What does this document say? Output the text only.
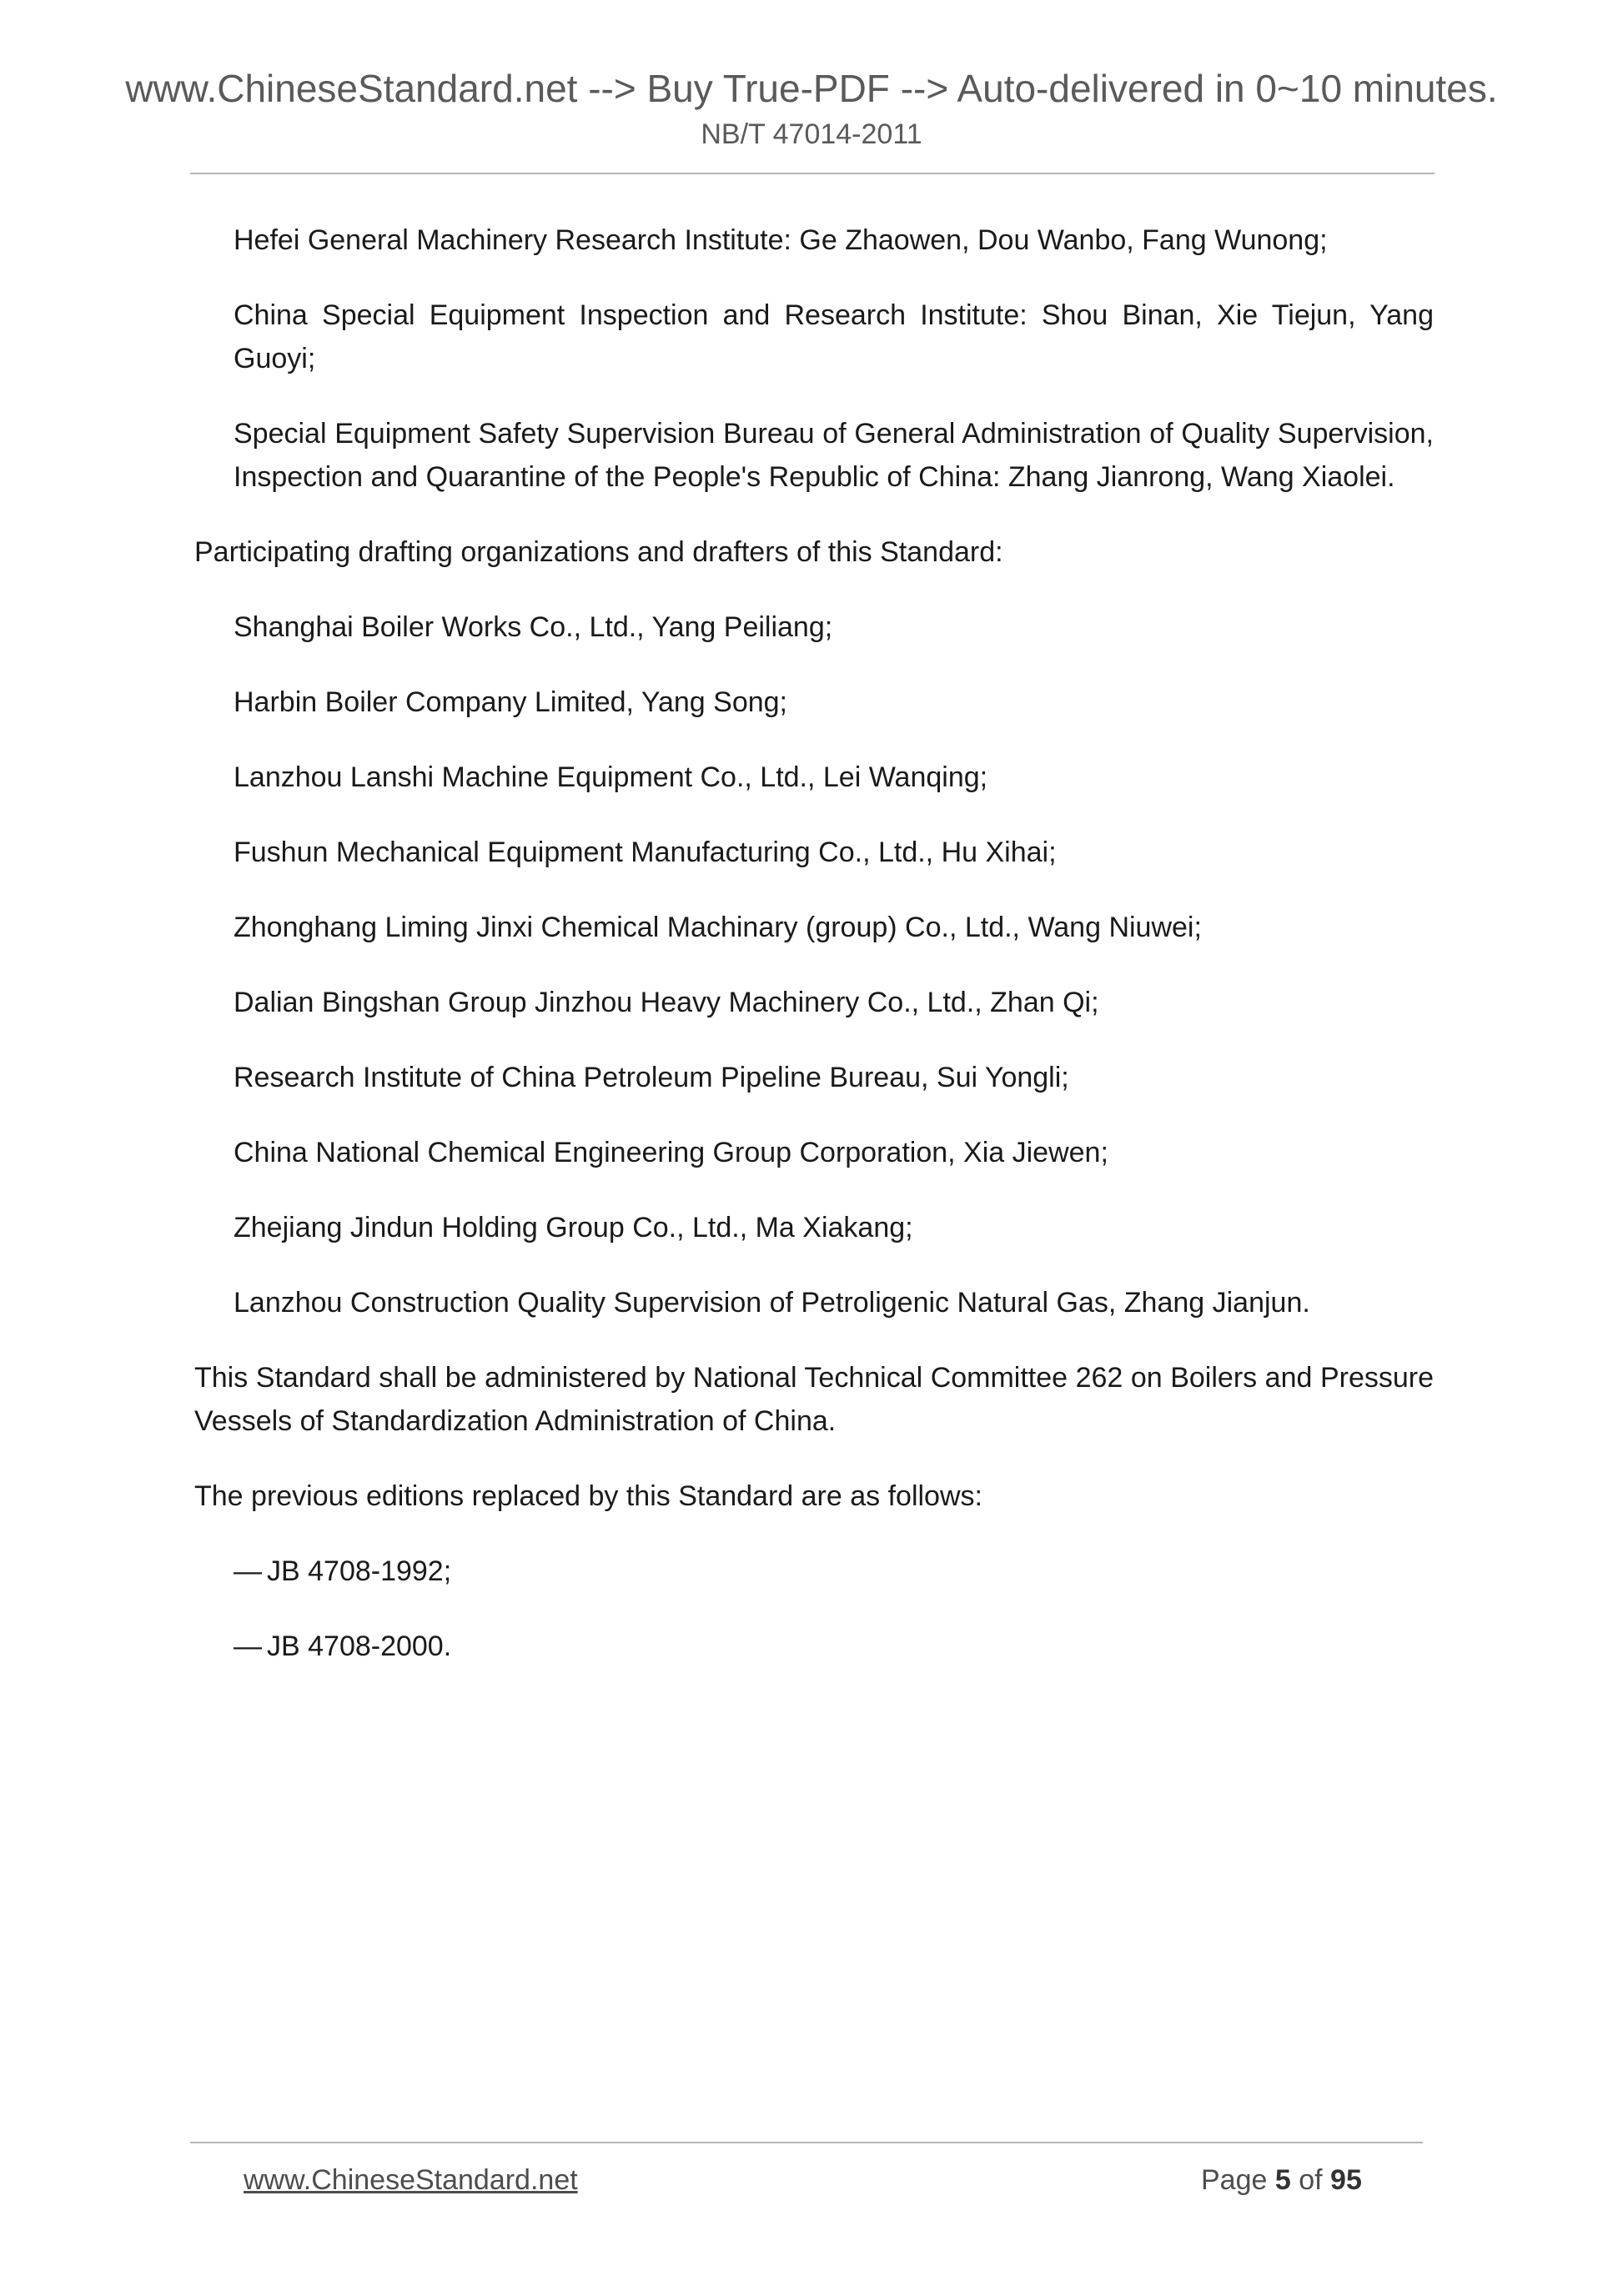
www.ChineseStandard.net --> Buy True-PDF --> Auto-delivered in 0~10 minutes.
NB/T 47014-2011

Hefei General Machinery Research Institute: Ge Zhaowen, Dou Wanbo, Fang Wunong;

China Special Equipment Inspection and Research Institute: Shou Binan, Xie Tiejun, Yang Guoyi;

Special Equipment Safety Supervision Bureau of General Administration of Quality Supervision, Inspection and Quarantine of the People's Republic of China: Zhang Jianrong, Wang Xiaolei.

Participating drafting organizations and drafters of this Standard:

Shanghai Boiler Works Co., Ltd., Yang Peiliang;

Harbin Boiler Company Limited, Yang Song;

Lanzhou Lanshi Machine Equipment Co., Ltd., Lei Wanqing;

Fushun Mechanical Equipment Manufacturing Co., Ltd., Hu Xihai;

Zhonghang Liming Jinxi Chemical Machinary (group) Co., Ltd., Wang Niuwei;

Dalian Bingshan Group Jinzhou Heavy Machinery Co., Ltd., Zhan Qi;

Research Institute of China Petroleum Pipeline Bureau, Sui Yongli;

China National Chemical Engineering Group Corporation, Xia Jiewen;

Zhejiang Jindun Holding Group Co., Ltd., Ma Xiakang;

Lanzhou Construction Quality Supervision of Petroligenic Natural Gas, Zhang Jianjun.

This Standard shall be administered by National Technical Committee 262 on Boilers and Pressure Vessels of Standardization Administration of China.

The previous editions replaced by this Standard are as follows:

— JB 4708-1992;
— JB 4708-2000.
www.ChineseStandard.net	Page 5 of 95
